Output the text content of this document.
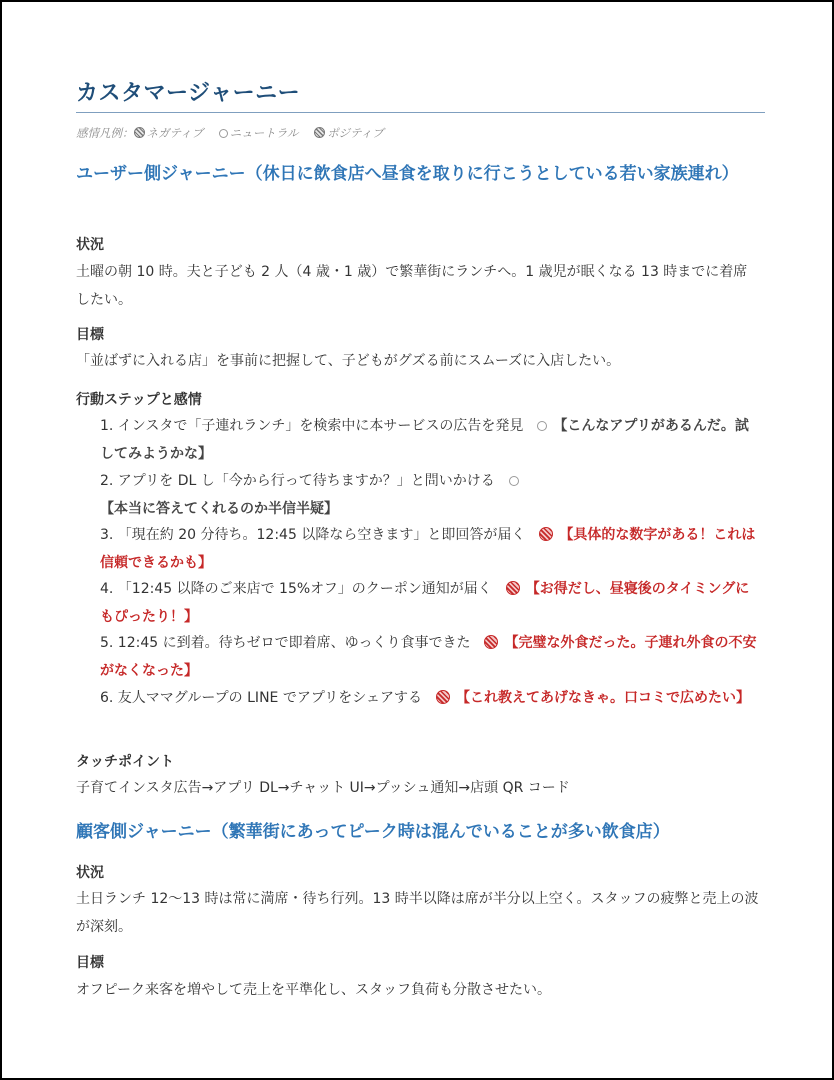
カスタマージャーニー
感情凡例： ネガティブ ニュートラル ポジティブ
ユーザー側ジャーニー（休日に飲食店へ昼食を取りに行こうとしている若い家族連れ）
状況

土曜の朝 10 時。夫と子ども 2 人（4 歳・1 歳）で繁華街にランチへ。1 歳児が眠くなる 13 時までに着席したい。

目標

「並ばずに入れる店」を事前に把握して、子どもがグズる前にスムーズに入店したい。

行動ステップと感情

1. インスタで「子連れランチ」を検索中に本サービスの広告を発見 【こんなアプリがあるんだ。試してみようかな】

2. アプリを DL し「今から行って待ちますか？」と問いかける【本当に答えてくれるのか半信半疑】

3. 「現在約 20 分待ち。12:45 以降なら空きます」と即回答が届く 【具体的な数字がある！これは信頼できるかも】

4. 「12:45 以降のご来店で 15%オフ」のクーポン通知が届く 【お得だし、昼寝後のタイミングにもぴったり！】

5. 12:45 に到着。待ちゼロで即着席、ゆっくり食事できた 【完璧な外食だった。子連れ外食の不安がなくなった】

6. 友人ママグループの LINE でアプリをシェアする 【これ教えてあげなきゃ。口コミで広めたい】

タッチポイント

子育てインスタ広告→アプリ DL→チャット UI→プッシュ通知→店頭 QR コード

顧客側ジャーニー（繁華街にあってピーク時は混んでいることが多い飲食店）
状況

土日ランチ 12〜13 時は常に満席・待ち行列。13 時半以降は席が半分以上空く。スタッフの疲弊と売上の波が深刻。

目標

オフピーク来客を増やして売上を平準化し、スタッフ負荷も分散させたい。
